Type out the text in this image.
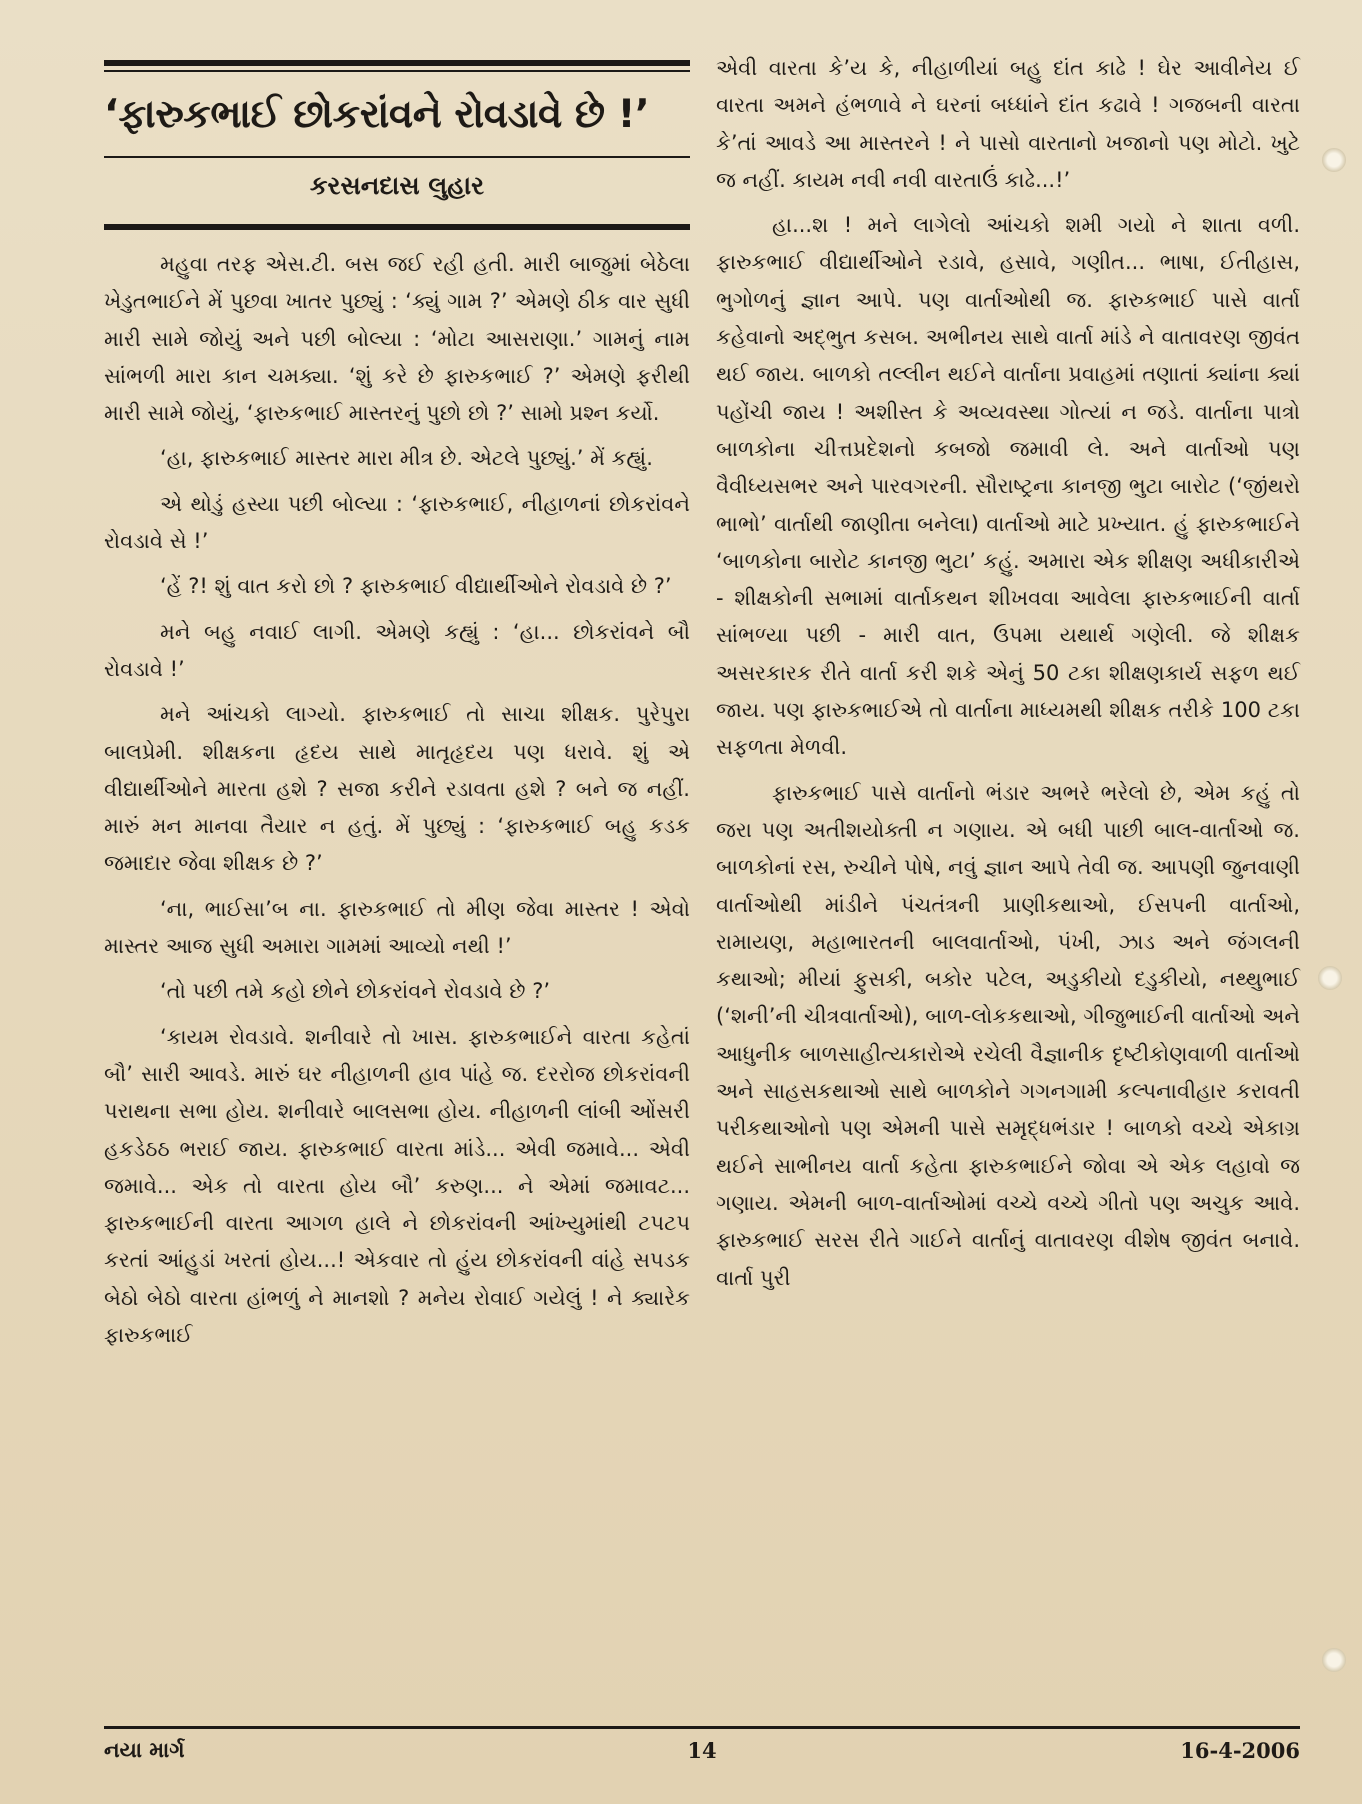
‘ફારુકભાઈ છોકરાંવને રોવડાવે છે !’
કરસનદાસ લુહાર

મહુવા તરફ એસ.ટી. બસ જઈ રહી હતી. મારી બાજુમાં બેઠેલા ખેડુતભાઈને મેં પુછવા ખાતર પુછ્યું : ‘ક્યું ગામ ?’ એમણે ઠીક વાર સુધી મારી સામે જોયું અને પછી બોલ્યા : ‘મોટા આસરાણા.’ ગામનું નામ સાંભળી મારા કાન ચમક્યા. ‘શું કરે છે ફારુકભાઈ ?’ એમણે ફરીથી મારી સામે જોયું, ‘ફારુકભાઈ માસ્તરનું પુછો છો ?’ સામો પ્રશ્ન કર્યો.

‘હા, ફારુકભાઈ માસ્તર મારા મીત્ર છે. એટલે પુછ્યું.’ મેં કહ્યું.

એ થોડું હસ્યા પછી બોલ્યા : ‘ફારુકભાઈ, નીહાળનાં છોકરાંવને રોવડાવે સે !’

‘હેં ?! શું વાત કરો છો ? ફારુકભાઈ વીદ્યાર્થીઓને રોવડાવે છે ?’

મને બહુ નવાઈ લાગી. એમણે કહ્યું : ‘હા... છોકરાંવને બૌ રોવડાવે !’

મને આંચકો લાગ્યો. ફારુકભાઈ તો સાચા શીક્ષક. પુરેપુરા બાલપ્રેમી. શીક્ષકના હૃદય સાથે માતૃહૃદય પણ ધરાવે. શું એ વીદ્યાર્થીઓને મારતા હશે ? સજા કરીને રડાવતા હશે ? બને જ નહીં. મારું મન માનવા તૈયાર ન હતું. મેં પુછ્યું : ‘ફારુકભાઈ બહુ કડક જમાદાર જેવા શીક્ષક છે ?’

‘ના, ભાઈસા’બ ના. ફારુકભાઈ તો મીણ જેવા માસ્તર ! એવો માસ્તર આજ સુધી અમારા ગામમાં આવ્યો નથી !’

‘તો પછી તમે કહો છોને છોકરાંવને રોવડાવે છે ?’

‘કાયમ રોવડાવે. શનીવારે તો ખાસ. ફારુકભાઈને વારતા કહેતાં બૌ’ સારી આવડે. મારું ઘર નીહાળની હાવ પાંહે જ. દરરોજ છોકરાંવની પરાથના સભા હોય. શનીવારે બાલસભા હોય. નીહાળની લાંબી ઓંસરી હકડેઠઠ ભરાઈ જાય. ફારુકભાઈ વારતા માંડે... એવી જમાવે... એવી જમાવે... એક તો વારતા હોય બૌ’ કરુણ... ને એમાં જમાવટ... ફારુકભાઈની વારતા આગળ હાલે ને છોકરાંવની આંખ્યુમાંથી ટપટપ કરતાં આંહુડાં ખરતાં હોય...! એકવાર તો હુંય છોકરાંવની વાંહે સપડક બેઠો બેઠો વારતા હાંભળું ને માનશો ? મનેય રોવાઈ ગયેલું ! ને ક્યારેક ફારુકભાઈ

એવી વારતા કે’ય કે, નીહાળીયાં બહુ દાંત કાઢે ! ઘેર આવીનેય ઈ વારતા અમને હંભળાવે ને ઘરનાં બધ્ધાંને દાંત કઢાવે ! ગજબની વારતા કે’તાં આવડે આ માસ્તરને ! ને પાસો વારતાનો ખજાનો પણ મોટો. ખુટે જ નહીં. કાયમ નવી નવી વારતાઉં કાઢે...!’

હા...શ ! મને લાગેલો આંચકો શમી ગયો ને શાતા વળી. ફારુકભાઈ વીદ્યાર્થીઓને રડાવે, હસાવે, ગણીત... ભાષા, ઈતીહાસ, ભુગોળનું જ્ઞાન આપે. પણ વાર્તાઓથી જ. ફારુકભાઈ પાસે વાર્તા કહેવાનો અદ્ભુત કસબ. અભીનય સાથે વાર્તા માંડે ને વાતાવરણ જીવંત થઈ જાય. બાળકો તલ્લીન થઈને વાર્તાના પ્રવાહમાં તણાતાં ક્યાંના ક્યાં પહોંચી જાય ! અશીસ્ત કે અવ્યવસ્થા ગોત્યાં ન જડે. વાર્તાના પાત્રો બાળકોના ચીત્તપ્રદેશનો કબજો જમાવી લે. અને વાર્તાઓ પણ વૈવીધ્યસભર અને પારવગરની. સૌરાષ્ટ્રના કાનજી ભુટા બારોટ (‘જીંથરો ભાભો’ વાર્તાથી જાણીતા બનેલા) વાર્તાઓ માટે પ્રખ્યાત. હું ફારુકભાઈને ‘બાળકોના બારોટ કાનજી ભુટા’ કહું. અમારા એક શીક્ષણ અધીકારીએ - શીક્ષકોની સભામાં વાર્તાકથન શીખવવા આવેલા ફારુકભાઈની વાર્તા સાંભળ્યા પછી - મારી વાત, ઉપમા યથાર્થ ગણેલી. જે શીક્ષક અસરકારક રીતે વાર્તા કરી શકે એનું 50 ટકા શીક્ષણકાર્ય સફળ થઈ જાય. પણ ફારુકભાઈએ તો વાર્તાના માધ્યમથી શીક્ષક તરીકે 100 ટકા સફળતા મેળવી.

ફારુકભાઈ પાસે વાર્તાનો ભંડાર અભરે ભરેલો છે, એમ કહું તો જરા પણ અતીશયોક્તી ન ગણાય. એ બધી પાછી બાલ-વાર્તાઓ જ. બાળકોનાં રસ, રુચીને પોષે, નવું જ્ઞાન આપે તેવી જ. આપણી જુનવાણી વાર્તાઓથી માંડીને પંચતંત્રની પ્રાણીકથાઓ, ઈસપની વાર્તાઓ, રામાયણ, મહાભારતની બાલવાર્તાઓ, પંખી, ઝાડ અને જંગલની કથાઓ; મીયાં ફુસકી, બકોર પટેલ, અડુકીયો દડુકીયો, નથ્થુભાઈ (‘શની’ની ચીત્રવાર્તાઓ), બાળ-લોકકથાઓ, ગીજુભાઈની વાર્તાઓ અને આધુનીક બાળસાહીત્યકારોએ રચેલી વૈજ્ઞાનીક દૃષ્ટીકોણવાળી વાર્તાઓ અને સાહસકથાઓ સાથે બાળકોને ગગનગામી કલ્પનાવીહાર કરાવતી પરીકથાઓનો પણ એમની પાસે સમૃદ્ધભંડાર ! બાળકો વચ્ચે એકાગ્ર થઈને સાભીનય વાર્તા કહેતા ફારુકભાઈને જોવા એ એક લહાવો જ ગણાય. એમની બાળ-વાર્તાઓમાં વચ્ચે વચ્ચે ગીતો પણ અચુક આવે. ફારુકભાઈ સરસ રીતે ગાઈને વાર્તાનું વાતાવરણ વીશેષ જીવંત બનાવે. વાર્તા પુરી

નયા માર્ગ	14	16-4-2006
